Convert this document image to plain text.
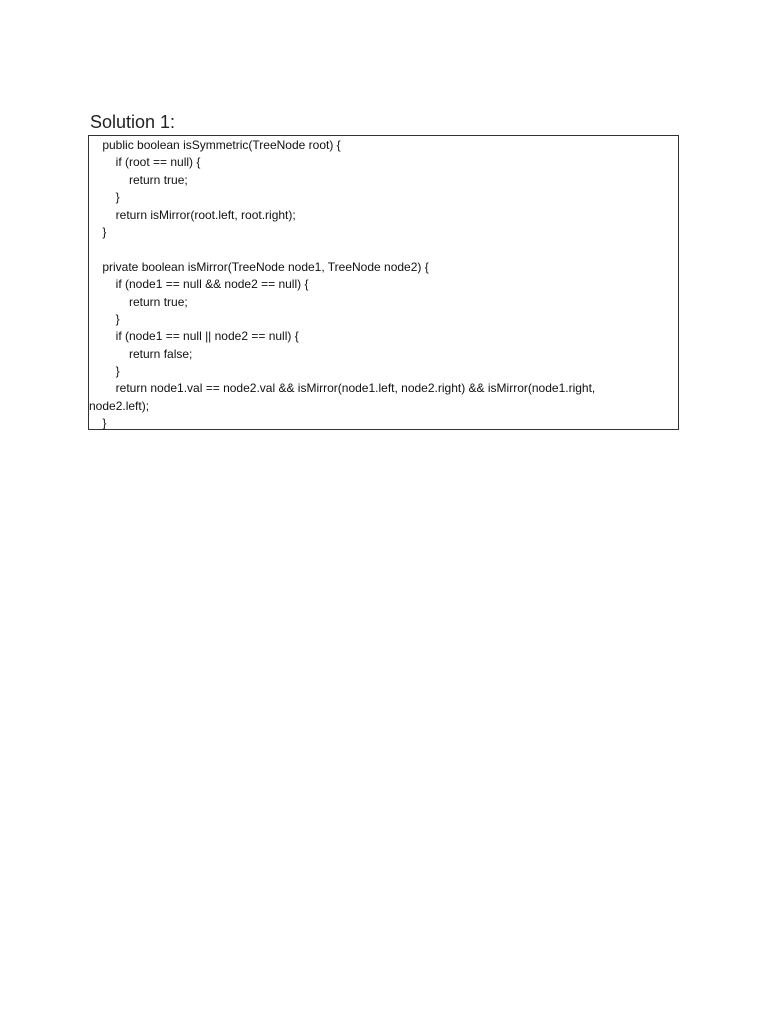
Solution 1:
public boolean isSymmetric(TreeNode root) {
if (root == null) {
return true;
}
return isMirror(root.left, root.right);
}
private boolean isMirror(TreeNode node1, TreeNode node2) {
if (node1 == null && node2 == null) {
return true;
}
if (node1 == null || node2 == null) {
return false;
}
return node1.val == node2.val && isMirror(node1.left, node2.right) && isMirror(node1.right,
node2.left);
}
